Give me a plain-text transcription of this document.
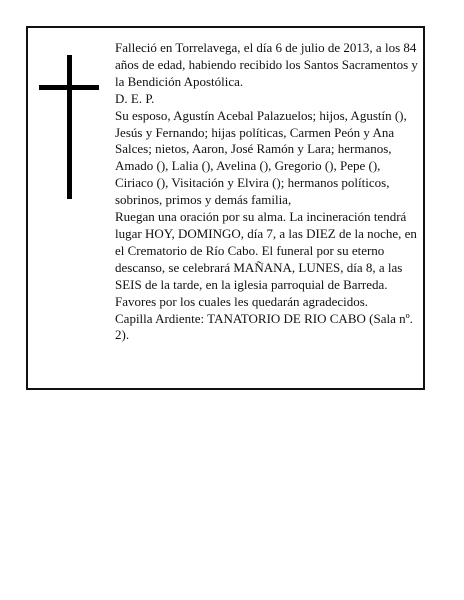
Falleció en Torrelavega, el día 6 de julio de 2013, a los 84 años de edad, habiendo recibido los Santos Sacramentos y la Bendición Apostólica.

D. E. P.

Su esposo, Agustín Acebal Palazuelos; hijos, Agustín (), Jesús y Fernando; hijas políticas, Carmen Peón y Ana Salces; nietos, Aaron, José Ramón y Lara; hermanos, Amado (), Lalia (), Avelina (), Gregorio (), Pepe (), Ciriaco (), Visitación y Elvira (); hermanos políticos, sobrinos, primos y demás familia,

Ruegan una oración por su alma. La incineración tendrá lugar HOY, DOMINGO, día 7, a las DIEZ de la noche, en el Crematorio de Río Cabo. El funeral por su eterno descanso, se celebrará MAÑANA, LUNES, día 8, a las SEIS de la tarde, en la iglesia parroquial de Barreda.

Favores por los cuales les quedarán agradecidos.

Capilla Ardiente: TANATORIO DE RIO CABO (Sala nº. 2).
